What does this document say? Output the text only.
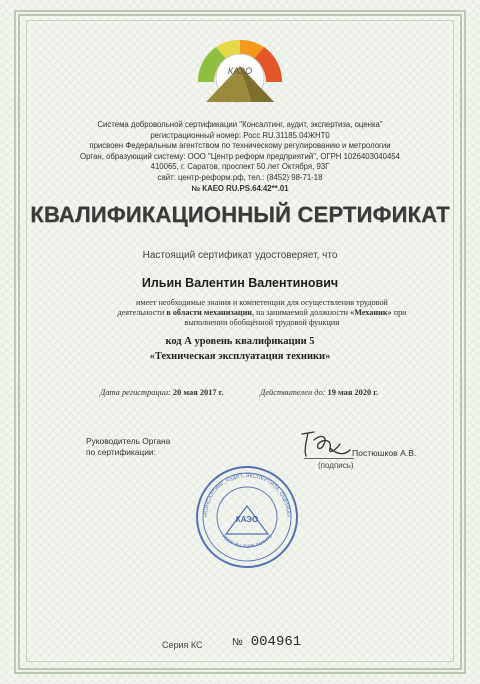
КАЭО
Система добровольной сертификации "Консалтинг, аудит, экспертиза, оценка"
регистрационный номер: Росс RU.31185.04ЖНТ0
присвоен Федеральным агентством по техническому регулированию и метрологии
Орган, образующий систему: ООО "Центр реформ предприятий", ОГРН 1026403040454
410065, г. Саратов, проспект 50 лет Октября, 93Г
сайт: центр-реформ.рф, тел.: (8452) 98-71-18
№ КАЕО RU.PS.64.42**.01
КВАЛИФИКАЦИОННЫЙ СЕРТИФИКАТ
Настоящий сертификат удостоверяет, что
Ильин Валентин Валентинович
имеет необходимые знания и компетенции для осуществления трудовой деятельности в области механизации, на занимаемой должности «Механик» при выполнении обобщённой трудовой функции
код А уровень квалификации 5
«Техническая эксплуатация техники»
Дата регистрации: 20 мая 2017 г.	Действителен до: 19 мая 2020 г.
Руководитель Органа
по сертификации:
(подпись)
Постюшков А.В.
«КОНСАЛТИНГ, АУДИТ, ЭКСПЕРТИЗА, ОЦЕНКА»
РОСС RU.31185.04ЖНТ0
КАЭО
Серия КС	№ 004961
